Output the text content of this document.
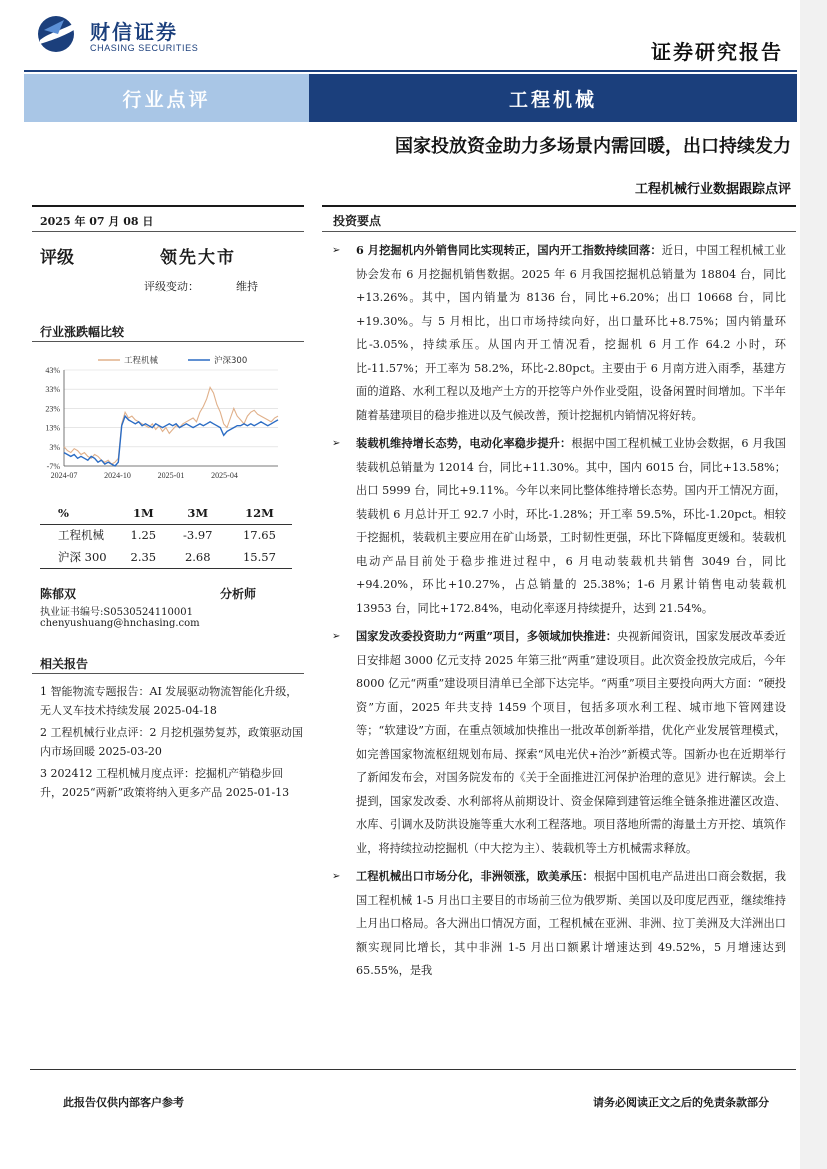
财信证券
CHASING SECURITIES	证券研究报告
行业点评	工程机械
国家投放资金助力多场景内需回暖，出口持续发力
工程机械行业数据跟踪点评
2025 年 07 月 08 日
评级	领先大市
评级变动：	维持
行业涨跌幅比较
-7%
3%
13%
23%
33%
43%
2024-07	2024-10	2025-01	2025-04
工程机械	沪深300
%	1M	3M	12M
工程机械	1.25	-3.97	17.65
沪深 300	2.35	2.68	15.57
陈郁双	分析师
执业证书编号:S0530524110001
chenyushuang@hnchasing.com
相关报告

1 智能物流专题报告：AI 发展驱动物流智能化升级，无人叉车技术持续发展 2025-04-18

2 工程机械行业点评：2 月挖机强势复苏，政策驱动国内市场回暖 2025-03-20

3 202412 工程机械月度点评：挖掘机产销稳步回升，2025“两新”政策将纳入更多产品 2025-01-13

投资要点
➢ 6 月挖掘机内外销售同比实现转正，国内开工指数持续回落：近日，中国工程机械工业协会发布 6 月挖掘机销售数据。2025 年 6 月我国挖掘机总销量为 18804 台，同比+13.26%。其中，国内销量为 8136 台，同比+6.20%；出口 10668 台，同比+19.30%。与 5 月相比，出口市场持续向好，出口量环比+8.75%；国内销量环比-3.05%，持续承压。从国内开工情况看，挖掘机 6 月工作 64.2 小时，环比-11.57%；开工率为 58.2%，环比-2.80pct。主要由于 6 月南方进入雨季，基建方面的道路、水利工程以及地产土方的开挖等户外作业受阻，设备闲置时间增加。下半年随着基建项目的稳步推进以及气候改善，预计挖掘机内销情况将好转。
➢ 装载机维持增长态势，电动化率稳步提升：根据中国工程机械工业协会数据，6 月我国装载机总销量为 12014 台，同比+11.30%。其中，国内 6015 台，同比+13.58%；出口 5999 台，同比+9.11%。今年以来同比整体维持增长态势。国内开工情况方面，装载机 6 月总计开工 92.7 小时，环比-1.28%；开工率 59.5%，环比-1.20pct。相较于挖掘机，装载机主要应用在矿山场景，工时韧性更强，环比下降幅度更缓和。装载机电动产品目前处于稳步推进过程中，6 月电动装载机共销售 3049 台，同比+94.20%，环比+10.27%，占总销量的 25.38%；1-6 月累计销售电动装载机 13953 台，同比+172.84%，电动化率逐月持续提升，达到 21.54%。
➢ 国家发改委投资助力“两重”项目，多领域加快推进：央视新闻资讯，国家发展改革委近日安排超 3000 亿元支持 2025 年第三批“两重”建设项目。此次资金投放完成后，今年 8000 亿元“两重”建设项目清单已全部下达完毕。“两重”项目主要投向两大方面：“硬投资”方面，2025 年共支持 1459 个项目，包括多项水利工程、城市地下管网建设等；“软建设”方面，在重点领域加快推出一批改革创新举措，优化产业发展管理模式，如完善国家物流枢纽规划布局、探索“风电光伏+治沙”新模式等。国新办也在近期举行了新闻发布会，对国务院发布的《关于全面推进江河保护治理的意见》进行解读。会上提到，国家发改委、水利部将从前期设计、资金保障到建管运维全链条推进灌区改造、水库、引调水及防洪设施等重大水利工程落地。项目落地所需的海量土方开挖、填筑作业，将持续拉动挖掘机（中大挖为主）、装载机等土方机械需求释放。
➢ 工程机械出口市场分化，非洲领涨，欧美承压：根据中国机电产品进出口商会数据，我国工程机械 1-5 月出口主要目的市场前三位为俄罗斯、美国以及印度尼西亚，继续维持上月出口格局。各大洲出口情况方面，工程机械在亚洲、非洲、拉丁美洲及大洋洲出口额实现同比增长，其中非洲 1-5 月出口额累计增速达到 49.52%，5 月增速达到 65.55%，是我
此报告仅供内部客户参考	请务必阅读正文之后的免责条款部分
